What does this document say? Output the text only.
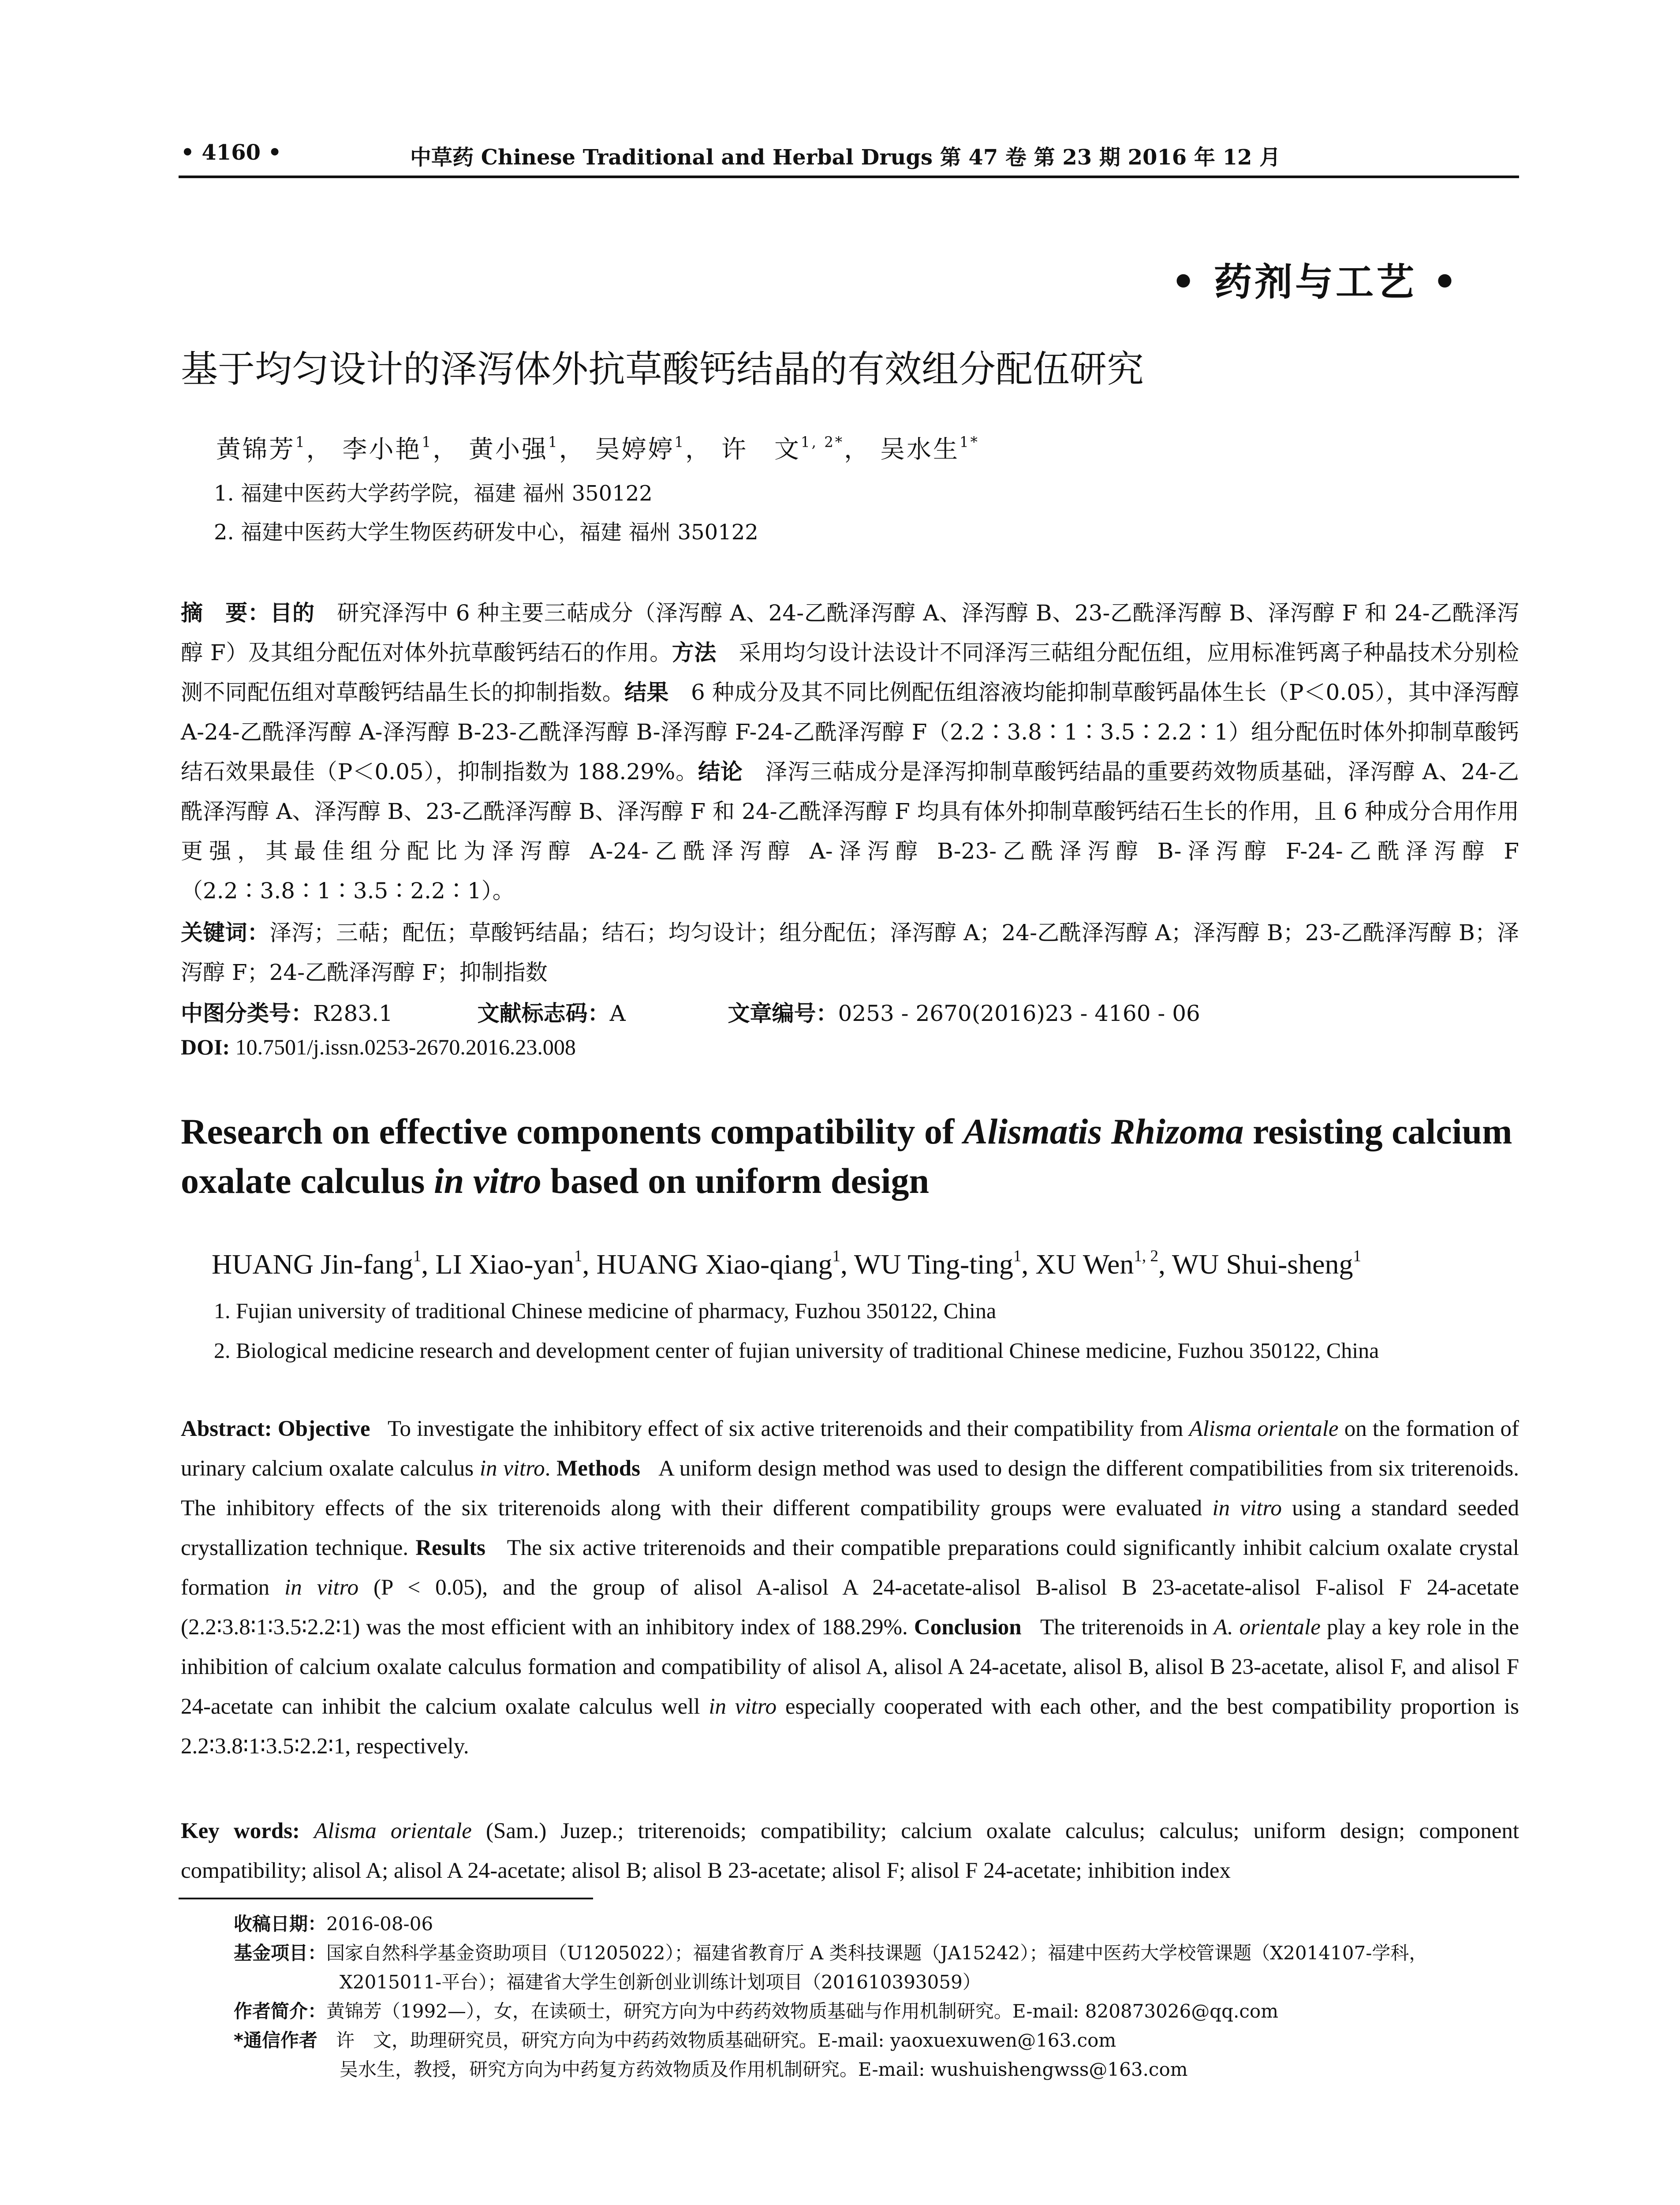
• 4160 •	中草药 Chinese Traditional and Herbal Drugs 第 47 卷 第 23 期 2016 年 12 月
• 药剂与工艺 •
基于均匀设计的泽泻体外抗草酸钙结晶的有效组分配伍研究
黄锦芳$^1$， 李小艳$^1$， 黄小强$^1$， 吴婷婷$^1$， 许　文$^{1, 2*}$， 吴水生$^{1*}$
1. 福建中医药大学药学院，福建 福州 350122
2. 福建中医药大学生物医药研发中心，福建 福州 350122
摘　要：目的　 研究泽泻中 6 种主要三萜成分（泽泻醇 A、24-乙酰泽泻醇 A、泽泻醇 B、23-乙酰泽泻醇 B、泽泻醇 F 和 24-乙酰泽泻醇 F）及其组分配伍对体外抗草酸钙结石的作用。方法　 采用均匀设计法设计不同泽泻三萜组分配伍组，应用标准钙离子种晶技术分别检测不同配伍组对草酸钙结晶生长的抑制指数。结果　 6 种成分及其不同比例配伍组溶液均能抑制草酸钙晶体生长（P＜0.05），其中泽泻醇 A-24-乙酰泽泻醇 A-泽泻醇 B-23-乙酰泽泻醇 B-泽泻醇 F-24-乙酰泽泻醇 F（2.2∶3.8∶1∶3.5∶2.2∶1）组分配伍时体外抑制草酸钙结石效果最佳（P＜0.05），抑制指数为 188.29%。结论　 泽泻三萜成分是泽泻抑制草酸钙结晶的重要药效物质基础，泽泻醇 A、24-乙酰泽泻醇 A、泽泻醇 B、23-乙酰泽泻醇 B、泽泻醇 F 和 24-乙酰泽泻醇 F 均具有体外抑制草酸钙结石生长的作用，且 6 种成分合用作用更强，其最佳组分配比为泽泻醇 A-24-乙酰泽泻醇 A-泽泻醇 B-23-乙酰泽泻醇 B-泽泻醇 F-24-乙酰泽泻醇 F（2.2∶3.8∶1∶3.5∶2.2∶1）。
关键词：泽泻；三萜；配伍；草酸钙结晶；结石；均匀设计；组分配伍；泽泻醇 A；24-乙酰泽泻醇 A；泽泻醇 B；23-乙酰泽泻醇 B；泽泻醇 F；24-乙酰泽泻醇 F；抑制指数
中图分类号：R283.1	文献标志码：A	文章编号：0253 - 2670(2016)23 - 4160 - 06
DOI: 10.7501/j.issn.0253-2670.2016.23.008
Research on effective components compatibility of Alismatis Rhizoma resisting calcium oxalate calculus in vitro based on uniform design
HUANG Jin-fang$^1$, LI Xiao-yan$^1$, HUANG Xiao-qiang$^1$, WU Ting-ting$^1$, XU Wen$^{1, 2}$, WU Shui-sheng$^1$
1. Fujian university of traditional Chinese medicine of pharmacy, Fuzhou 350122, China
2. Biological medicine research and development center of fujian university of traditional Chinese medicine, Fuzhou 350122, China
Abstract: Objective To investigate the inhibitory effect of six active triterenoids and their compatibility from Alisma orientale on the formation of urinary calcium oxalate calculus in vitro. Methods A uniform design method was used to design the different compatibilities from six triterenoids. The inhibitory effects of the six triterenoids along with their different compatibility groups were evaluated in vitro using a standard seeded crystallization technique. Results The six active triterenoids and their compatible preparations could significantly inhibit calcium oxalate crystal formation in vitro (P < 0.05), and the group of alisol A-alisol A 24-acetate-alisol B-alisol B 23-acetate-alisol F-alisol F 24-acetate (2.2∶3.8∶1∶3.5∶2.2∶1) was the most efficient with an inhibitory index of 188.29%. Conclusion The triterenoids in A. orientale play a key role in the inhibition of calcium oxalate calculus formation and compatibility of alisol A, alisol A 24-acetate, alisol B, alisol B 23-acetate, alisol F, and alisol F 24-acetate can inhibit the calcium oxalate calculus well in vitro especially cooperated with each other, and the best compatibility proportion is 2.2∶3.8∶1∶3.5∶2.2∶1, respectively.
Key words: Alisma orientale (Sam.) Juzep.; triterenoids; compatibility; calcium oxalate calculus; calculus; uniform design; component compatibility; alisol A; alisol A 24-acetate; alisol B; alisol B 23-acetate; alisol F; alisol F 24-acetate; inhibition index
收稿日期：2016-08-06
基金项目：国家自然科学基金资助项目（U1205022）；福建省教育厅 A 类科技课题（JA15242）；福建中医药大学校管课题（X2014107-学科，
X2015011-平台）；福建省大学生创新创业训练计划项目（201610393059）
作者简介：黄锦芳（1992—），女，在读硕士，研究方向为中药药效物质基础与作用机制研究。E-mail: 820873026@qq.com
*通信作者　 许　文，助理研究员，研究方向为中药药效物质基础研究。E-mail: yaoxuexuwen@163.com
吴水生，教授，研究方向为中药复方药效物质及作用机制研究。E-mail: wushuishengwss@163.com
